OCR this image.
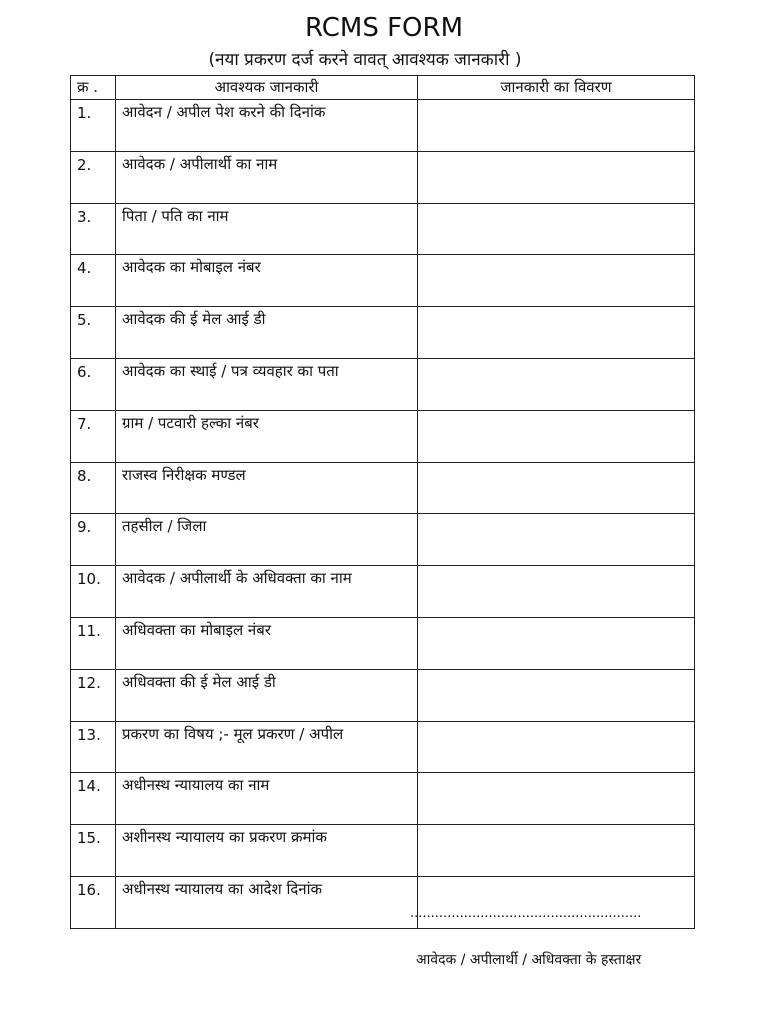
RCMS FORM
(नया प्रकरण दर्ज करने वावत् आवश्यक जानकारी )
क्र .	आवश्यक जानकारी	जानकारी का विवरण
1.	आवेदन / अपील पेश करने की दिनांक	
2.	आवेदक / अपीलार्थी का नाम	
3.	पिता / पति का नाम	
4.	आवेदक का मोबाइल नंबर	
5.	आवेदक की ई मेल आई डी	
6.	आवेदक का स्थाई / पत्र व्यवहार का पता	
7.	ग्राम / पटवारी हल्का नंबर	
8.	राजस्व निरीक्षक मण्डल	
9.	तहसील / जिला	
10.	आवेदक / अपीलार्थी के अधिवक्ता का नाम	
11.	अधिवक्ता का मोबाइल नंबर	
12.	अधिवक्ता की ई मेल आई डी	
13.	प्रकरण का विषय ;- मूल प्रकरण / अपील	
14.	अधीनस्थ न्यायालय का नाम	
15.	अशीनस्थ न्यायालय का प्रकरण क्रमांक	
16.	अधीनस्थ न्यायालय का आदेश दिनांक	
........................................................
आवेदक / अपीलार्थी / अधिवक्ता के हस्ताक्षर
